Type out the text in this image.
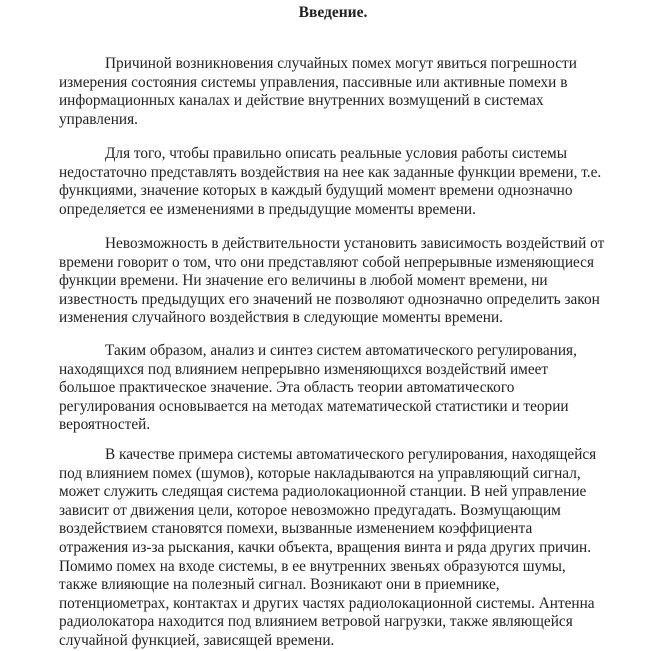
Введение.
Причиной возникновения случайных помех могут явиться погрешности
измерения состояния системы управления, пассивные или активные помехи в
информационных каналах и действие внутренних возмущений в системах
управления.
Для того, чтобы правильно описать реальные условия работы системы
недостаточно представлять воздействия на нее как заданные функции времени, т.е.
функциями, значение которых в каждый будущий момент времени однозначно
определяется ее изменениями в предыдущие моменты времени.
Невозможность в действительности установить зависимость воздействий от
времени говорит о том, что они представляют собой непрерывные изменяющиеся
функции времени. Ни значение его величины в любой момент времени, ни
известность предыдущих его значений не позволяют однозначно определить закон
изменения случайного воздействия в следующие моменты времени.
Таким образом, анализ и синтез систем автоматического регулирования,
находящихся под влиянием непрерывно изменяющихся воздействий имеет
большое практическое значение. Эта область теории автоматического
регулирования основывается на методах математической статистики и теории
вероятностей.
В качестве примера системы автоматического регулирования, находящейся
под влиянием помех (шумов), которые накладываются на управляющий сигнал,
может служить следящая система радиолокационной станции. В ней управление
зависит от движения цели, которое невозможно предугадать. Возмущающим
воздействием становятся помехи, вызванные изменением коэффициента
отражения из-за рыскания, качки объекта, вращения винта и ряда других причин.
Помимо помех на входе системы, в ее внутренних звеньях образуются шумы,
также влияющие на полезный сигнал. Возникают они в приемнике,
потенциометрах, контактах и других частях радиолокационной системы. Антенна
радиолокатора находится под влиянием ветровой нагрузки, также являющейся
случайной функцией, зависящей времени.
